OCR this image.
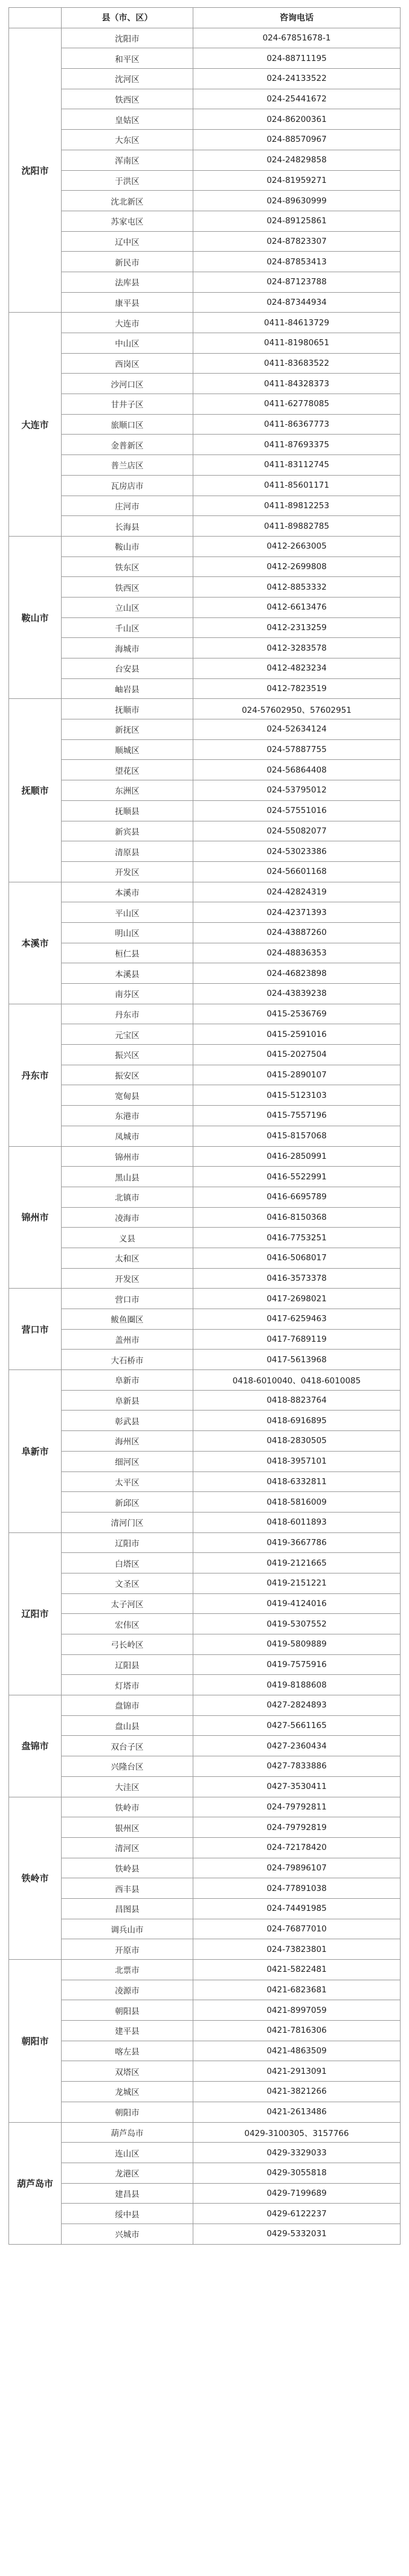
	县（市、区）	咨询电话
沈阳市	沈阳市	024-67851678-1
	和平区	024-88711195
	沈河区	024-24133522
	铁西区	024-25441672
	皇姑区	024-86200361
	大东区	024-88570967
	浑南区	024-24829858
	于洪区	024-81959271
	沈北新区	024-89630999
	苏家屯区	024-89125861
	辽中区	024-87823307
	新民市	024-87853413
	法库县	024-87123788
	康平县	024-87344934
大连市	大连市	0411-84613729
	中山区	0411-81980651
	西岗区	0411-83683522
	沙河口区	0411-84328373
	甘井子区	0411-62778085
	旅顺口区	0411-86367773
	金普新区	0411-87693375
	普兰店区	0411-83112745
	瓦房店市	0411-85601171
	庄河市	0411-89812253
	长海县	0411-89882785
鞍山市	鞍山市	0412-2663005
	铁东区	0412-2699808
	铁西区	0412-8853332
	立山区	0412-6613476
	千山区	0412-2313259
	海城市	0412-3283578
	台安县	0412-4823234
	岫岩县	0412-7823519
抚顺市	抚顺市	024-57602950、57602951
	新抚区	024-52634124
	顺城区	024-57887755
	望花区	024-56864408
	东洲区	024-53795012
	抚顺县	024-57551016
	新宾县	024-55082077
	清原县	024-53023386
	开发区	024-56601168
本溪市	本溪市	024-42824319
	平山区	024-42371393
	明山区	024-43887260
	桓仁县	024-48836353
	本溪县	024-46823898
	南芬区	024-43839238
丹东市	丹东市	0415-2536769
	元宝区	0415-2591016
	振兴区	0415-2027504
	振安区	0415-2890107
	宽甸县	0415-5123103
	东港市	0415-7557196
	凤城市	0415-8157068
锦州市	锦州市	0416-2850991
	黑山县	0416-5522991
	北镇市	0416-6695789
	凌海市	0416-8150368
	义县	0416-7753251
	太和区	0416-5068017
	开发区	0416-3573378
营口市	营口市	0417-2698021
	鲅鱼圈区	0417-6259463
	盖州市	0417-7689119
	大石桥市	0417-5613968
阜新市	阜新市	0418-6010040、0418-6010085
	阜新县	0418-8823764
	彰武县	0418-6916895
	海州区	0418-2830505
	细河区	0418-3957101
	太平区	0418-6332811
	新邱区	0418-5816009
	清河门区	0418-6011893
辽阳市	辽阳市	0419-3667786
	白塔区	0419-2121665
	文圣区	0419-2151221
	太子河区	0419-4124016
	宏伟区	0419-5307552
	弓长岭区	0419-5809889
	辽阳县	0419-7575916
	灯塔市	0419-8188608
盘锦市	盘锦市	0427-2824893
	盘山县	0427-5661165
	双台子区	0427-2360434
	兴隆台区	0427-7833886
	大洼区	0427-3530411
铁岭市	铁岭市	024-79792811
	银州区	024-79792819
	清河区	024-72178420
	铁岭县	024-79896107
	西丰县	024-77891038
	昌图县	024-74491985
	调兵山市	024-76877010
	开原市	024-73823801
朝阳市	北票市	0421-5822481
	凌源市	0421-6823681
	朝阳县	0421-8997059
	建平县	0421-7816306
	喀左县	0421-4863509
	双塔区	0421-2913091
	龙城区	0421-3821266
	朝阳市	0421-2613486
葫芦岛市	葫芦岛市	0429-3100305、3157766
	连山区	0429-3329033
	龙港区	0429-3055818
	建昌县	0429-7199689
	绥中县	0429-6122237
	兴城市	0429-5332031
